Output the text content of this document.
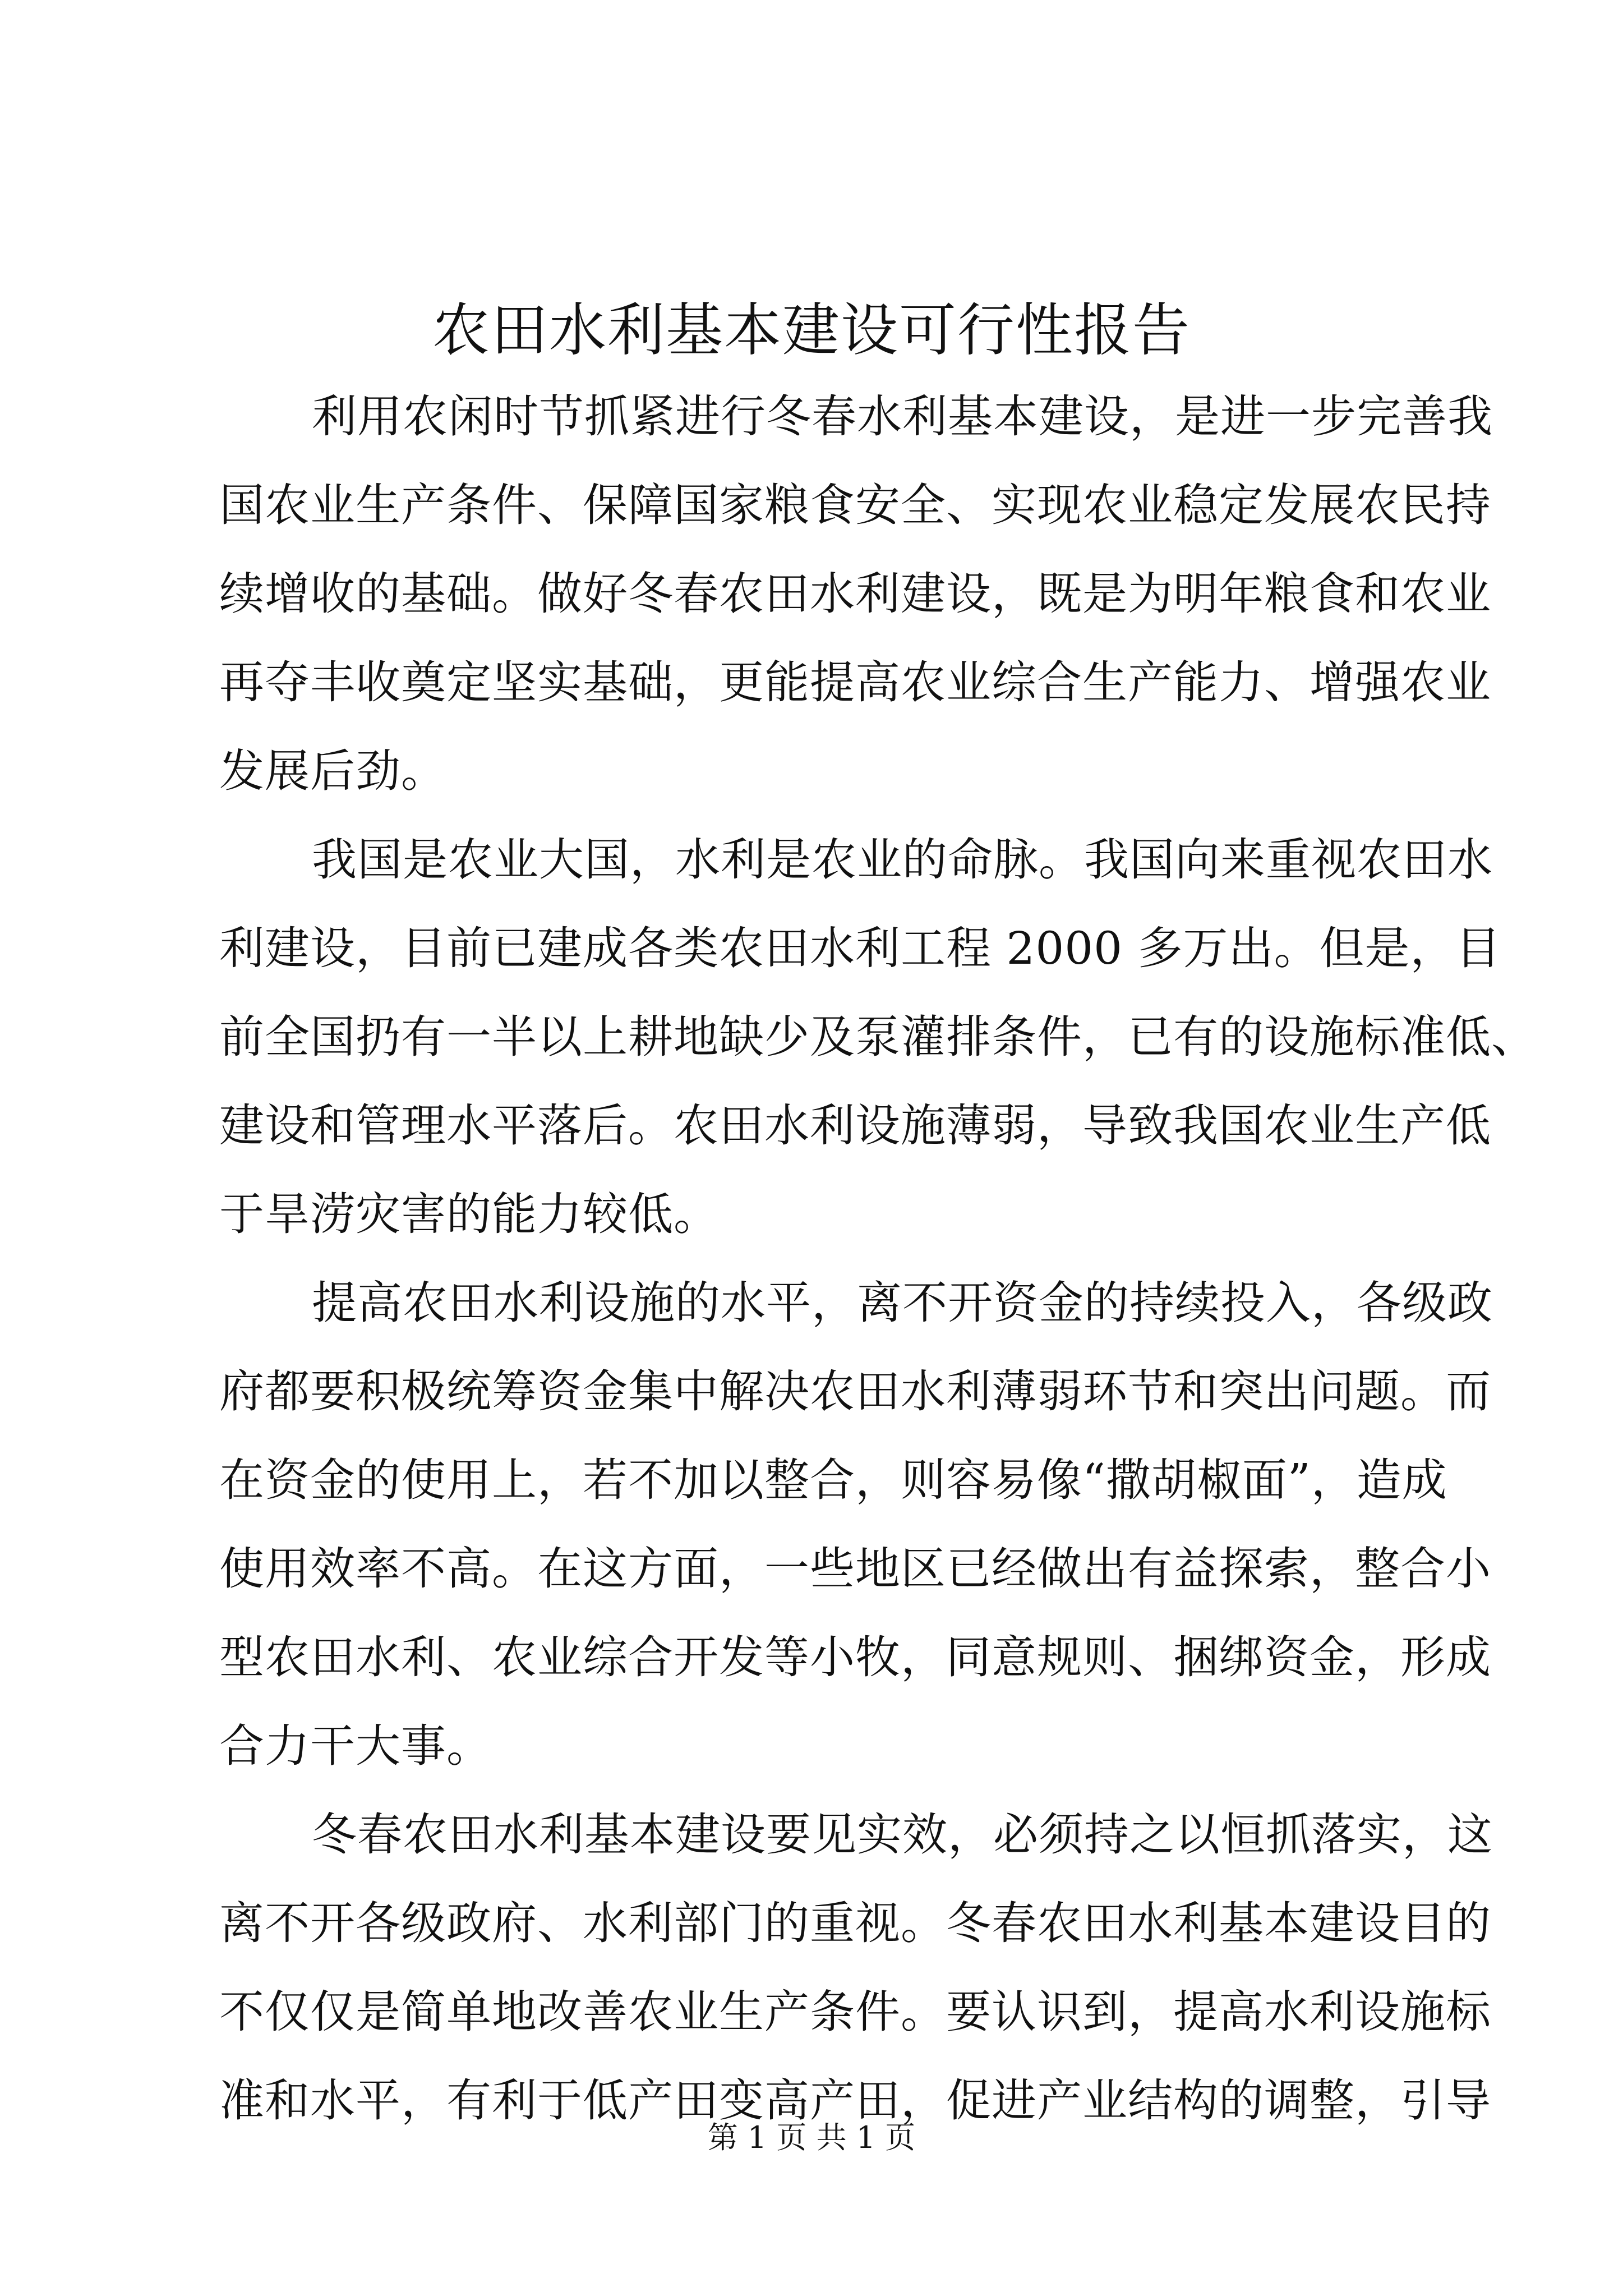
农田水利基本建设可行性报告
利用农闲时节抓紧进行冬春水利基本建设，是进一步完善我
国农业生产条件、保障国家粮食安全、实现农业稳定发展农民持
续增收的基础。做好冬春农田水利建设，既是为明年粮食和农业
再夺丰收奠定坚实基础，更能提高农业综合生产能力、增强农业
发展后劲。
我国是农业大国，水利是农业的命脉。我国向来重视农田水
利建设，目前已建成各类农田水利工程 2000 多万出。但是，目
前全国扔有一半以上耕地缺少及泵灌排条件，已有的设施标准低、
建设和管理水平落后。农田水利设施薄弱，导致我国农业生产低
于旱涝灾害的能力较低。
提高农田水利设施的水平，离不开资金的持续投入，各级政
府都要积极统筹资金集中解决农田水利薄弱环节和突出问题。而
在资金的使用上，若不加以整合，则容易像“撒胡椒面”，造成
使用效率不高。在这方面，一些地区已经做出有益探索，整合小
型农田水利、农业综合开发等小牧，同意规则、捆绑资金，形成
合力干大事。
冬春农田水利基本建设要见实效，必须持之以恒抓落实，这
离不开各级政府、水利部门的重视。冬春农田水利基本建设目的
不仅仅是简单地改善农业生产条件。要认识到，提高水利设施标
准和水平，有利于低产田变高产田，促进产业结构的调整，引导
第 1 页 共 1 页
